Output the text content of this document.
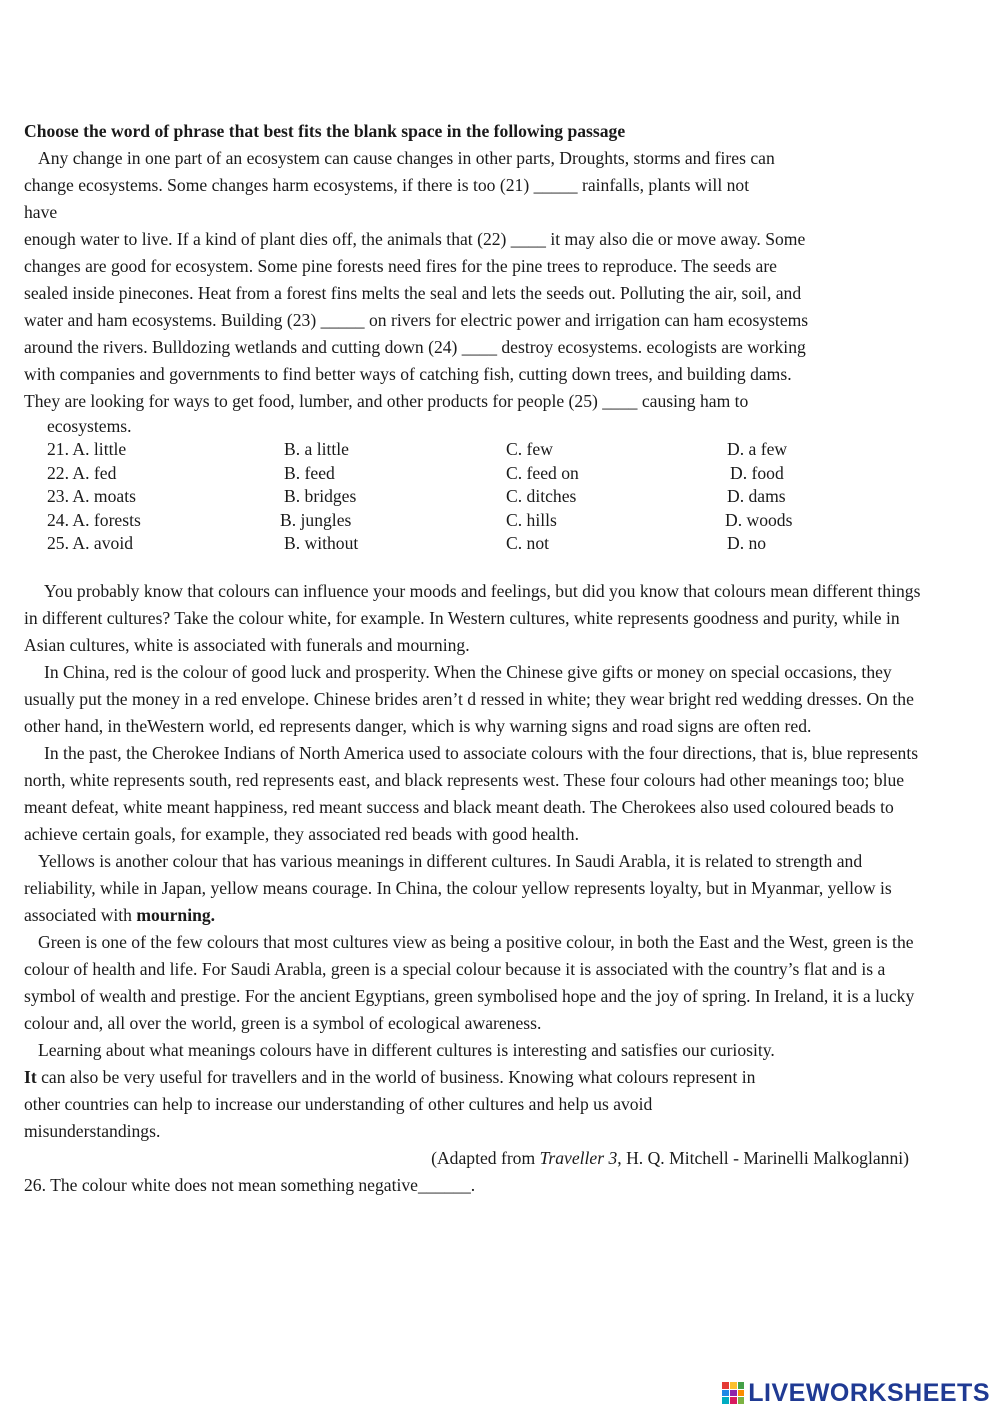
Choose the word of phrase that best fits the blank space in the following passage
Any change in one part of an ecosystem can cause changes in other parts, Droughts, storms and fires can
change ecosystems. Some changes harm ecosystems, if there is too (21) _____ rainfalls, plants will not
have
enough water to live. If a kind of plant dies off, the animals that (22) ____ it may also die or move away. Some
changes are good for ecosystem. Some pine forests need fires for the pine trees to reproduce. The seeds are
sealed inside pinecones. Heat from a forest fins melts the seal and lets the seeds out. Polluting the air, soil, and
water and ham ecosystems. Building (23) _____ on rivers for electric power and irrigation can ham ecosystems
around the rivers. Bulldozing wetlands and cutting down (24) ____ destroy ecosystems. ecologists are working
with companies and governments to find better ways of catching fish, cutting down trees, and building dams.
They are looking for ways to get food, lumber, and other products for people (25) ____ causing ham to
ecosystems.
21. A. little	B. a little	C. few	D. a few
22. A. fed	B. feed	C. feed on	D. food
23. A. moats	B. bridges	C. ditches	D. dams
24. A. forests	B. jungles	C. hills	D. woods
25. A. avoid	B. without	C. not	D. no

You probably know that colours can influence your moods and feelings, but did you know that colours mean different things in different cultures? Take the colour white, for example. In Western cultures, white represents goodness and purity, while in Asian cultures, white is associated with funerals and mourning.

In China, red is the colour of good luck and prosperity. When the Chinese give gifts or money on special occasions, they usually put the money in a red envelope. Chinese brides aren’t d ressed in white; they wear bright red wedding dresses. On the other hand, in theWestern world, ed represents danger, which is why warning signs and road signs are often red.

In the past, the Cherokee Indians of North America used to associate colours with the four directions, that is, blue represents north, white represents south, red represents east, and black represents west. These four colours had other meanings too; blue meant defeat, white meant happiness, red meant success and black meant death. The Cherokees also used coloured beads to achieve certain goals, for example, they associated red beads with good health.

Yellows is another colour that has various meanings in different cultures. In Saudi Arabla, it is related to strength and reliability, while in Japan, yellow means courage. In China, the colour yellow represents loyalty, but in Myanmar, yellow is associated with mourning.

Green is one of the few colours that most cultures view as being a positive colour, in both the East and the West, green is the colour of health and life. For Saudi Arabla, green is a special colour because it is associated with the country’s flat and is a symbol of wealth and prestige. For the ancient Egyptians, green symbolised hope and the joy of spring. In Ireland, it is a lucky colour and, all over the world, green is a symbol of ecological awareness.

Learning about what meanings colours have in different cultures is interesting and satisfies our curiosity.
It can also be very useful for travellers and in the world of business. Knowing what colours represent in
other countries can help to increase our understanding of other cultures and help us avoid
misunderstandings.
(Adapted from Traveller 3, H. Q. Mitchell - Marinelli Malkoglanni)
26. The colour white does not mean something negative______.
LIVEWORKSHEETS
